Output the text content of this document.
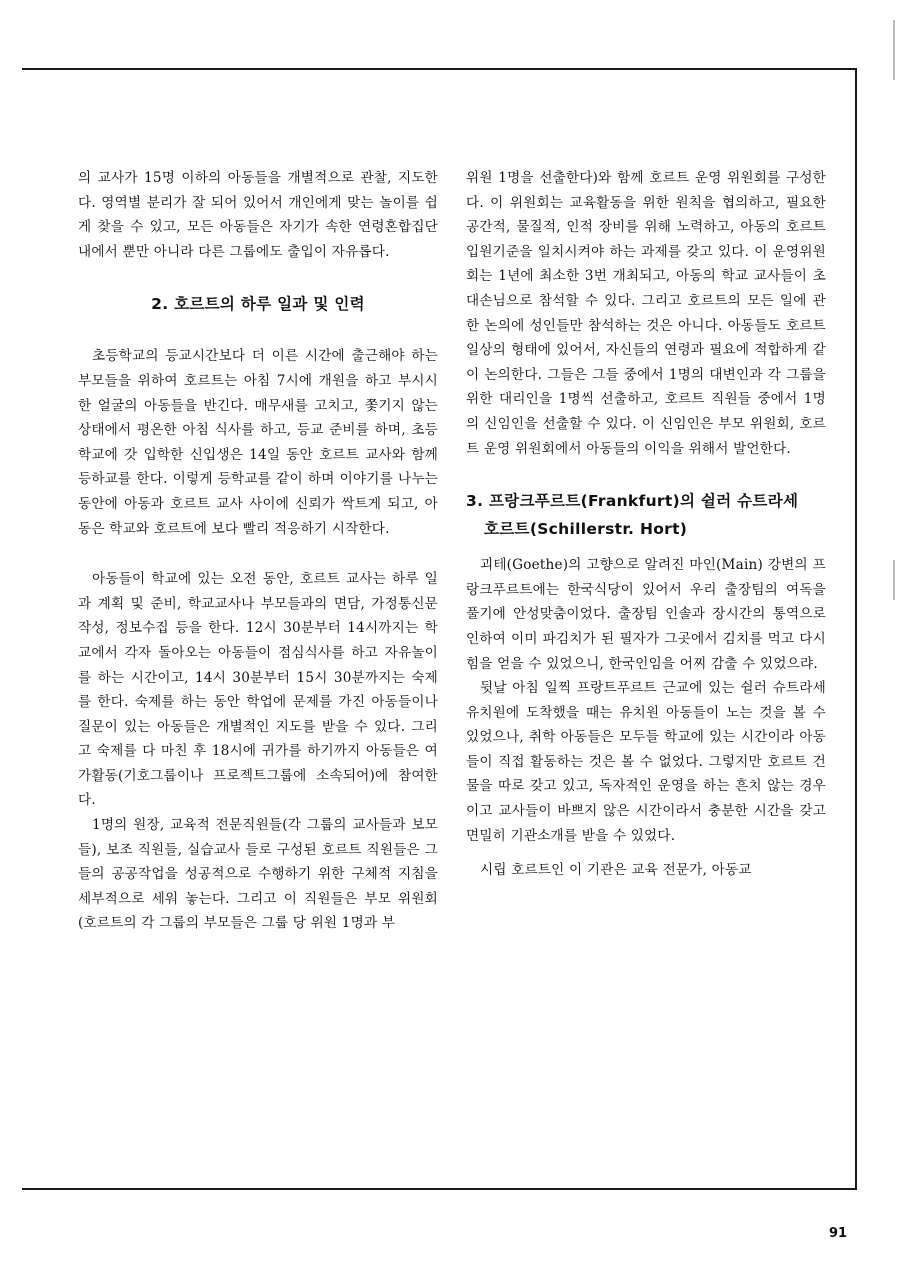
의 교사가 15명 이하의 아동들을 개별적으로 관찰, 지도한다. 영역별 분리가 잘 되어 있어서 개인에게 맞는 놀이를 쉽게 찾을 수 있고, 모든 아동들은 자기가 속한 연령혼합집단 내에서 뿐만 아니라 다른 그룹에도 출입이 자유롭다.

2. 호르트의 하루 일과 및 인력

초등학교의 등교시간보다 더 이른 시간에 출근해야 하는 부모들을 위하여 호르트는 아침 7시에 개원을 하고 부시시한 얼굴의 아동들을 반긴다. 매무새를 고치고, 쫓기지 않는 상태에서 평온한 아침 식사를 하고, 등교 준비를 하며, 초등학교에 갓 입학한 신입생은 14일 동안 호르트 교사와 함께 등하교를 한다. 이렇게 등학교를 같이 하며 이야기를 나누는 동안에 아동과 호르트 교사 사이에 신뢰가 싹트게 되고, 아동은 학교와 호르트에 보다 빨리 적응하기 시작한다.

아동들이 학교에 있는 오전 동안, 호르트 교사는 하루 일과 계획 및 준비, 학교교사나 부모들과의 면담, 가정통신문 작성, 정보수집 등을 한다. 12시 30분부터 14시까지는 학교에서 각자 돌아오는 아동들이 점심식사를 하고 자유놀이를 하는 시간이고, 14시 30분부터 15시 30분까지는 숙제를 한다. 숙제를 하는 동안 학업에 문제를 가진 아동들이나 질문이 있는 아동들은 개별적인 지도를 받을 수 있다. 그리고 숙제를 다 마친 후 18시에 귀가를 하기까지 아동들은 여가활동(기호그룹이나 프로젝트그룹에 소속되어)에 참여한다.

1명의 원장, 교육적 전문직원들(각 그룹의 교사들과 보모들), 보조 직원들, 실습교사 들로 구성된 호르트 직원들은 그들의 공공작업을 성공적으로 수행하기 위한 구체적 지침을 세부적으로 세워 놓는다. 그리고 이 직원들은 부모 위원회(호르트의 각 그룹의 부모들은 그룹 당 위원 1명과 부

위원 1명을 선출한다)와 함께 호르트 운영 위원회를 구성한다. 이 위원회는 교육활동을 위한 원칙을 협의하고, 필요한 공간적, 물질적, 인적 장비를 위해 노력하고, 아동의 호르트 입원기준을 일치시켜야 하는 과제를 갖고 있다. 이 운영위원회는 1년에 최소한 3번 개최되고, 아동의 학교 교사들이 초대손님으로 참석할 수 있다. 그리고 호르트의 모든 일에 관한 논의에 성인들만 참석하는 것은 아니다. 아동들도 호르트 일상의 형태에 있어서, 자신들의 연령과 필요에 적합하게 같이 논의한다. 그들은 그들 중에서 1명의 대변인과 각 그룹을 위한 대리인을 1명씩 선출하고, 호르트 직원들 중에서 1명의 신임인을 선출할 수 있다. 이 신임인은 부모 위원회, 호르트 운영 위원회에서 아동들의 이익을 위해서 발언한다.

3. 프랑크푸르트(Frankfurt)의 쉴러 슈트라세
호르트(Schillerstr. Hort)

괴테(Goethe)의 고향으로 알려진 마인(Main) 강변의 프랑크푸르트에는 한국식당이 있어서 우리 출장팀의 여독을 풀기에 안성맞춤이었다. 출장팀 인솔과 장시간의 통역으로 인하여 이미 파김치가 된 필자가 그곳에서 김치를 먹고 다시 힘을 얻을 수 있었으니, 한국인임을 어찌 감출 수 있었으랴.

뒷날 아침 일찍 프랑트푸르트 근교에 있는 쉴러 슈트라세 유치원에 도착했을 때는 유치원 아동들이 노는 것을 볼 수 있었으나, 취학 아동들은 모두들 학교에 있는 시간이라 아동들이 직접 활동하는 것은 볼 수 없었다. 그렇지만 호르트 건물을 따로 갖고 있고, 독자적인 운영을 하는 흔치 않는 경우이고 교사들이 바쁘지 않은 시간이라서 충분한 시간을 갖고 면밀히 기관소개를 받을 수 있었다.

시립 호르트인 이 기관은 교육 전문가, 아동교

91
